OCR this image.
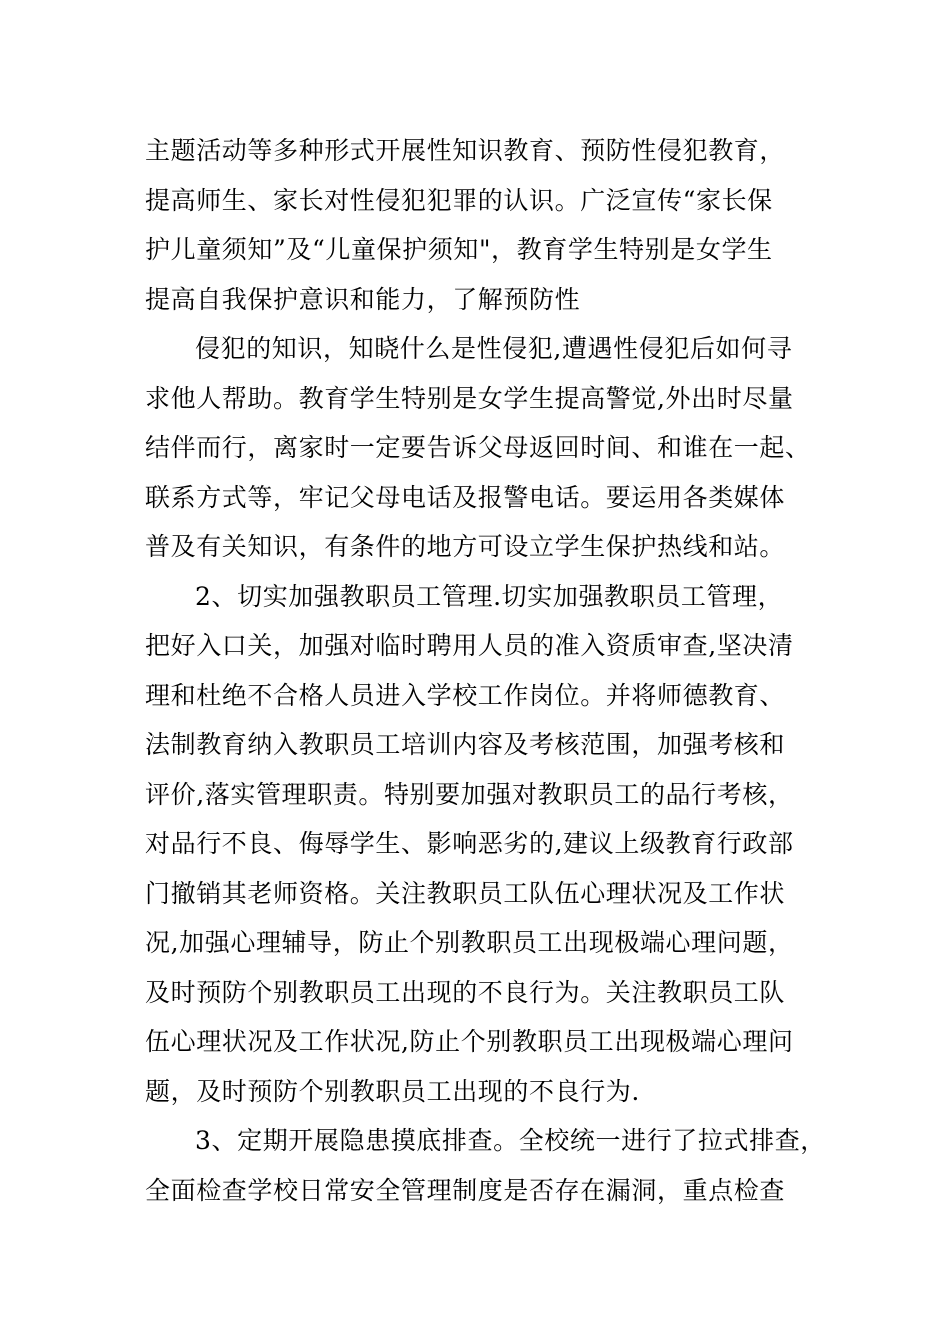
主题活动等多种形式开展性知识教育、预防性侵犯教育，
提高师生、家长对性侵犯犯罪的认识。广泛宣传“家长保
护儿童须知”及“儿童保护须知"，教育学生特别是女学生
提高自我保护意识和能力，了解预防性
侵犯的知识，知晓什么是性侵犯,遭遇性侵犯后如何寻
求他人帮助。教育学生特别是女学生提高警觉,外出时尽量
结伴而行，离家时一定要告诉父母返回时间、和谁在一起、
联系方式等，牢记父母电话及报警电话。要运用各类媒体
普及有关知识，有条件的地方可设立学生保护热线和站。
2、切实加强教职员工管理.切实加强教职员工管理，
把好入口关，加强对临时聘用人员的准入资质审查,坚决清
理和杜绝不合格人员进入学校工作岗位。并将师德教育、
法制教育纳入教职员工培训内容及考核范围，加强考核和
评价,落实管理职责。特别要加强对教职员工的品行考核，
对品行不良、侮辱学生、影响恶劣的,建议上级教育行政部
门撤销其老师资格。关注教职员工队伍心理状况及工作状
况,加强心理辅导，防止个别教职员工出现极端心理问题，
及时预防个别教职员工出现的不良行为。关注教职员工队
伍心理状况及工作状况,防止个别教职员工出现极端心理问
题，及时预防个别教职员工出现的不良行为.
3、定期开展隐患摸底排查。全校统一进行了拉式排查，
全面检查学校日常安全管理制度是否存在漏洞，重点检查
